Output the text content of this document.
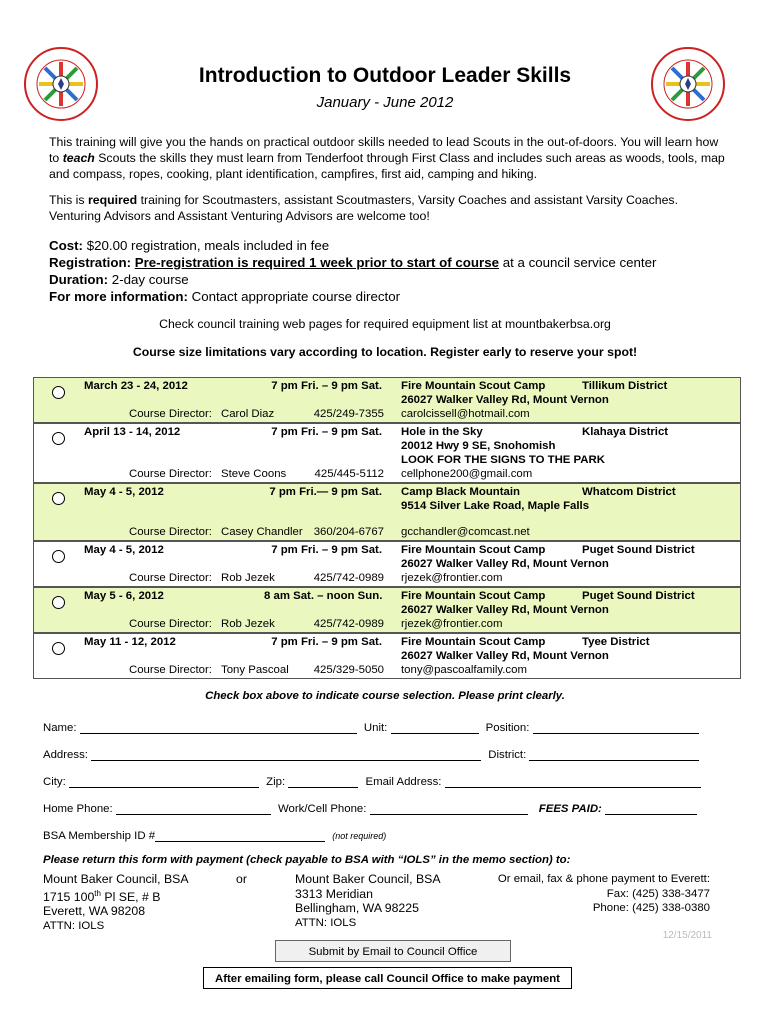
Introduction to Outdoor Leader Skills
January - June 2012
This training will give you the hands on practical outdoor skills needed to lead Scouts in the out-of-doors. You will learn how to teach Scouts the skills they must learn from Tenderfoot through First Class and includes such areas as woods, tools, map and compass, ropes, cooking, plant identification, campfires, first aid, camping and hiking.
This is required training for Scoutmasters, assistant Scoutmasters, Varsity Coaches and assistant Varsity Coaches. Venturing Advisors and Assistant Venturing Advisors are welcome too!
Cost: $20.00 registration, meals included in fee
Registration: Pre-registration is required 1 week prior to start of course at a council service center
Duration: 2-day course
For more information: Contact appropriate course director
Check council training web pages for required equipment list at mountbakerbsa.org
Course size limitations vary according to location. Register early to reserve your spot!
March 23 - 24, 2012	7 pm Fri. – 9 pm Sat. Fire Mountain Scout Camp	Tillikum District
26027 Walker Valley Rd, Mount Vernon
Course Director: Carol Diaz	425/249-7355 carolcissell@hotmail.com
April 13 - 14, 2012	7 pm Fri. – 9 pm Sat. Hole in the Sky	Klahaya District
20012 Hwy 9 SE, Snohomish
LOOK FOR THE SIGNS TO THE PARK
Course Director: Steve Coons	425/445-5112 cellphone200@gmail.com
May 4 - 5, 2012	7 pm Fri.— 9 pm Sat. Camp Black Mountain	Whatcom District
9514 Silver Lake Road, Maple Falls
Course Director: Casey Chandler 360/204-6767 gcchandler@comcast.net
May 4 - 5, 2012	7 pm Fri. – 9 pm Sat. Fire Mountain Scout Camp	Puget Sound District
26027 Walker Valley Rd, Mount Vernon
Course Director: Rob Jezek	425/742-0989 rjezek@frontier.com
May 5 - 6, 2012	8 am Sat. – noon Sun. Fire Mountain Scout Camp	Puget Sound District
26027 Walker Valley Rd, Mount Vernon
Course Director: Rob Jezek	425/742-0989 rjezek@frontier.com
May 11 - 12, 2012	7 pm Fri. – 9 pm Sat. Fire Mountain Scout Camp	Tyee District
26027 Walker Valley Rd, Mount Vernon
Course Director: Tony Pascoal	425/329-5050 tony@pascoalfamily.com
Check box above to indicate course selection. Please print clearly.
Name:	Unit:	Position:
Address:	District:
City:	Zip:	Email Address:
Home Phone:	Work/Cell Phone:	FEES PAID:
BSA Membership ID #	(not required)
Please return this form with payment (check payable to BSA with “IOLS” in the memo section) to:
Mount Baker Council, BSA
1715 100th Pl SE, # B
Everett, WA 98208
ATTN: IOLS
or	Mount Baker Council, BSA
3313 Meridian
Bellingham, WA 98225
ATTN: IOLS
Or email, fax & phone payment to Everett:
Fax: (425) 338-3477
Phone: (425) 338-0380
12/15/2011
Submit by Email to Council Office
After emailing form, please call Council Office to make payment
